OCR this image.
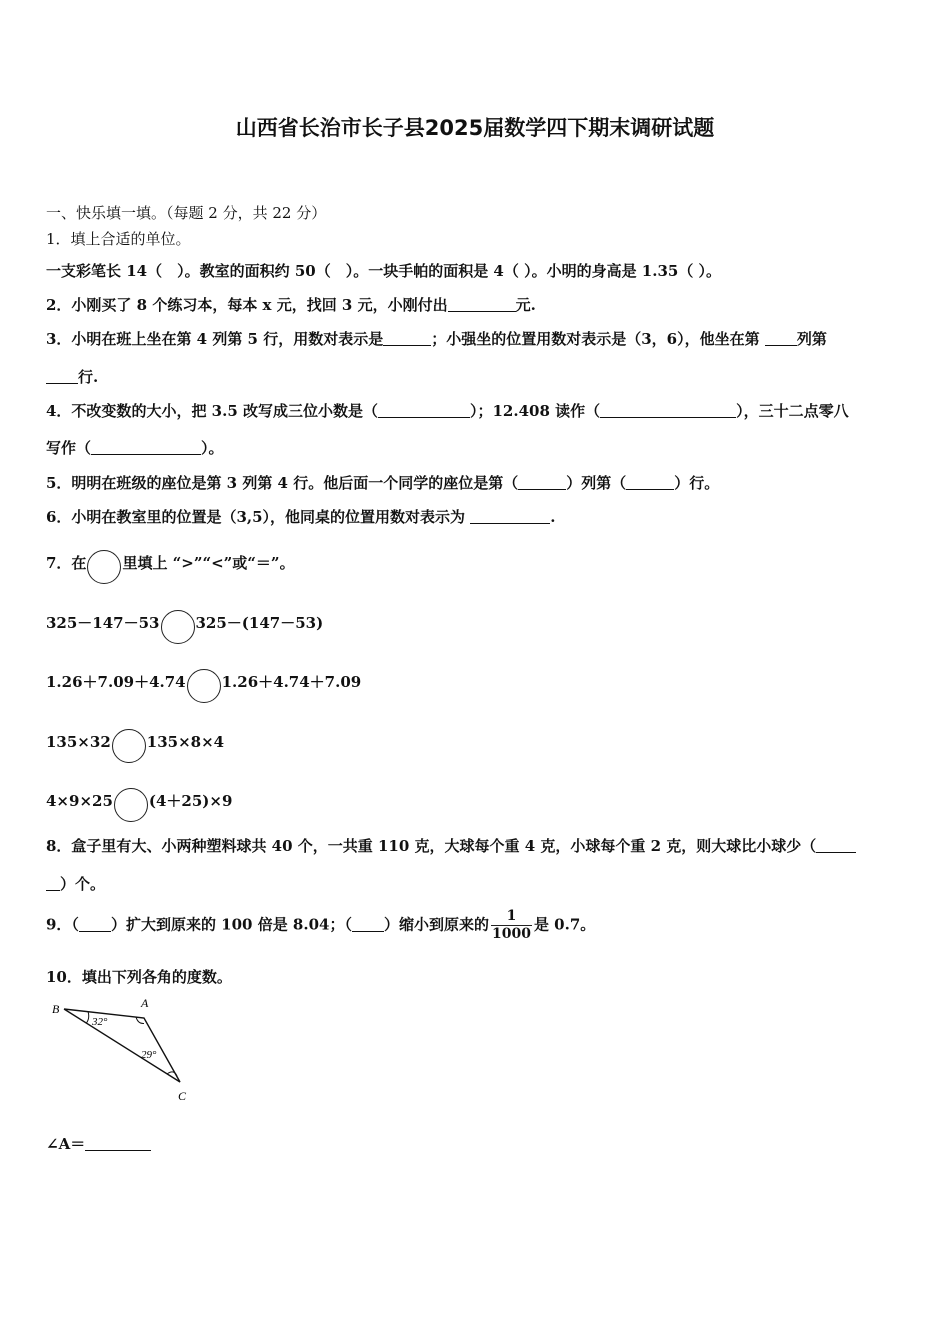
山西省长治市长子县2025届数学四下期末调研试题
一、快乐填一填。（每题 2 分，共 22 分）
1．填上合适的单位。
一支彩笔长 14（　）。教室的面积约 50（　）。一块手帕的面积是 4（ ）。小明的身高是 1.35（ ）。
2．小刚买了 8 个练习本，每本 x 元，找回 3 元，小刚付出	元.
3．小明在班上坐在第 4 列第 5 行，用数对表示是	；小强坐的位置用数对表示是（3，6），他坐在第 列第
行.
4．不改变数的大小，把 3.5 改写成三位小数是（	）；12.408 读作（	），三十二点零八
写作（	）。
5．明明在班级的座位是第 3 列第 4 行。他后面一个同学的座位是第（	）列第（	）行。
6．小明在教室里的位置是（3,5），他同桌的位置用数对表示为	.
7．在 里填上 “>”“<”或“＝”。
325－147－53 325－(147－53)
1.26＋7.09＋4.74 1.26＋4.74＋7.09
135×32 135×8×4
4×9×25 (4＋25)×9
8．盒子里有大、小两种塑料球共 40 个，一共重 110 克，大球每个重 4 克，小球每个重 2 克，则大球比小球少（
）个。
9．（ ）扩大到原来的 100 倍是 8.04；（ ）缩小到原来的 $\frac{1}{1000}$ 是 0.7。
10．填出下列各角的度数。
B	A
C
32°
29°
∠A＝
